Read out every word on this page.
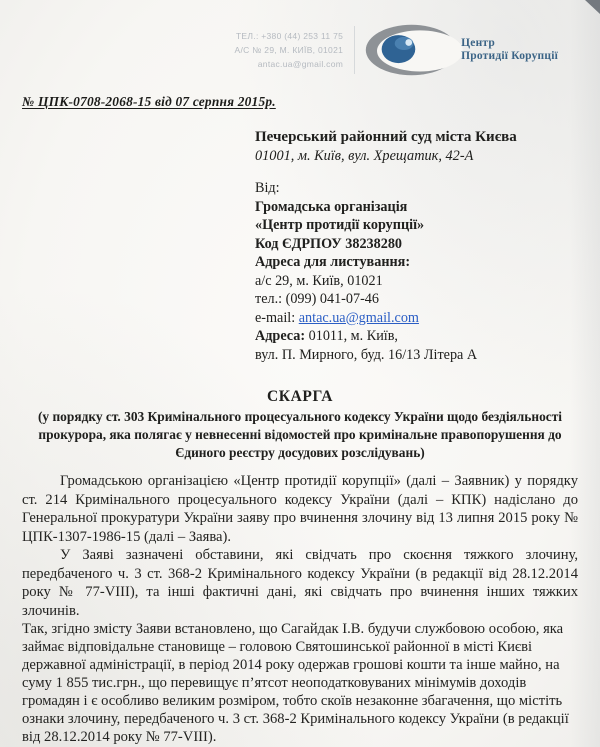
ТЕЛ.: +380 (44) 253 11 75
А/С № 29, М. КИЇВ, 01021
antac.ua@gmail.com
Центр
Протидії Корупції
№ ЦПК-0708-2068-15 від 07 серпня 2015р.
Печерський районний суд міста Києва
01001, м. Київ, вул. Хрещатик, 42-А
Від:
Громадська організація
«Центр протидії корупції»
Код ЄДРПОУ 38238280
Адреса для листування:
а/с 29, м. Київ, 01021
тел.: (099) 041-07-46
e-mail: antac.ua@gmail.com
Адреса: 01011, м. Київ,
вул. П. Мирного, буд. 16/13 Літера А
СКАРГА
(у порядку ст. 303 Кримінального процесуального кодексу України щодо бездіяльності прокурора, яка полягає у невнесенні відомостей про кримінальне правопорушення до Єдиного реєстру досудових розслідувань)

Громадською організацією «Центр протидії корупції» (далі – Заявник) у порядку ст. 214 Кримінального процесуального кодексу України (далі – КПК) надіслано до Генеральної прокуратури України заяву про вчинення злочину від 13 липня 2015 року № ЦПК-1307-1986-15 (далі – Заява).

У Заяві зазначені обставини, які свідчать про скоєння тяжкого злочину, передбаченого ч. 3 ст. 368-2 Кримінального кодексу України (в редакції від 28.12.2014 року № 77-VIII), та інші фактичні дані, які свідчать про вчинення інших тяжких злочинів.

Так, згідно змісту Заяви встановлено, що Сагайдак І.В. будучи службовою особою, яка займає відповідальне становище – головою Святошинської районної в місті Києві державної адміністрації, в період 2014 року одержав грошові кошти та інше майно, на суму 1 855 тис.грн., що перевищує п’ятсот неоподатковуваних мінімумів доходів громадян і є особливо великим розміром, тобто скоїв незаконне збагачення, що містіть ознаки злочину, передбаченого ч. 3 ст. 368-2 Кримінального кодексу України (в редакції від 28.12.2014 року № 77-VIII).
